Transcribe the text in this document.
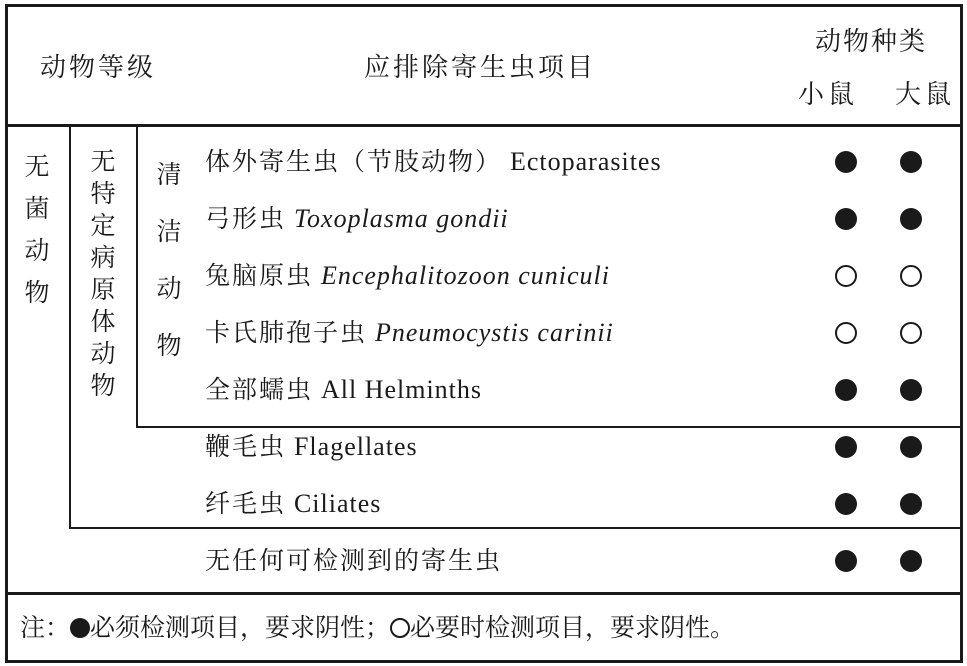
动物等级	应排除寄生虫项目
动物种类
小鼠 大鼠
无
菌
动
物
无
特
定
病
原
体
动
物
清
洁
动
物
体外寄生虫（节肢动物） Ectoparasites
弓形虫 Toxoplasma gondii
兔脑原虫 Encephalitozoon cuniculi
卡氏肺孢子虫 Pneumocystis carinii
全部蠕虫 All Helminths
鞭毛虫 Flagellates
纤毛虫 Ciliates
无任何可检测到的寄生虫
注： 必须检测项目，要求阴性； 必要时检测项目，要求阴性。
